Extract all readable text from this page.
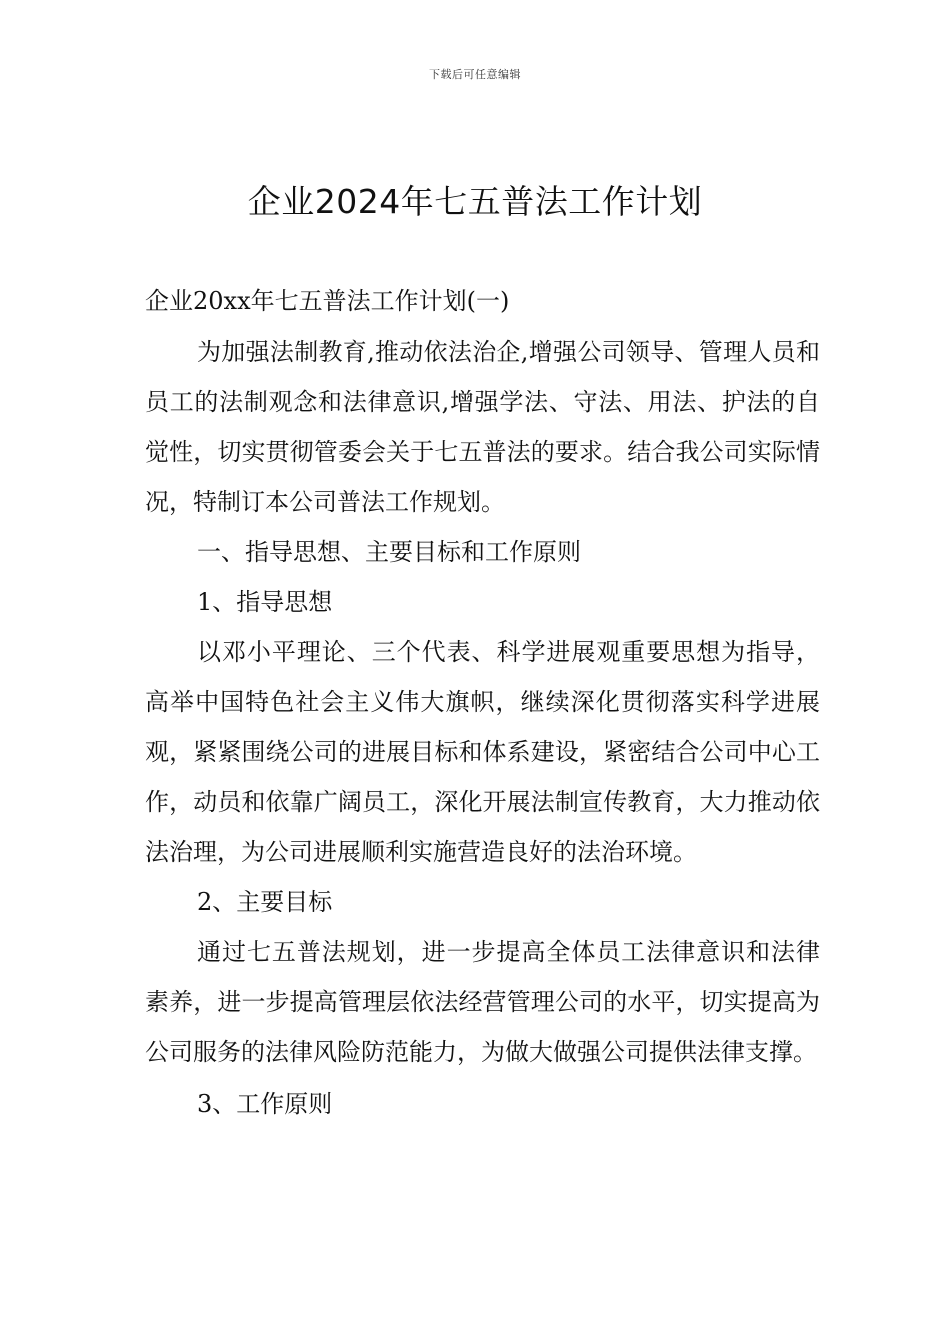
下载后可任意编辑
企业2024年七五普法工作计划

企业20xx年七五普法工作计划(一)

为加强法制教育,推动依法治企,增强公司领导、管理人员和员工的法制观念和法律意识,增强学法、守法、用法、护法的自觉性，切实贯彻管委会关于七五普法的要求。结合我公司实际情况，特制订本公司普法工作规划。

一、指导思想、主要目标和工作原则

1、指导思想

以邓小平理论、三个代表、科学进展观重要思想为指导，高举中国特色社会主义伟大旗帜，继续深化贯彻落实科学进展观，紧紧围绕公司的进展目标和体系建设，紧密结合公司中心工作，动员和依靠广阔员工，深化开展法制宣传教育，大力推动依法治理，为公司进展顺利实施营造良好的法治环境。

2、主要目标

通过七五普法规划，进一步提高全体员工法律意识和法律素养，进一步提高管理层依法经营管理公司的水平，切实提高为公司服务的法律风险防范能力，为做大做强公司提供法律支撑。

3、工作原则
